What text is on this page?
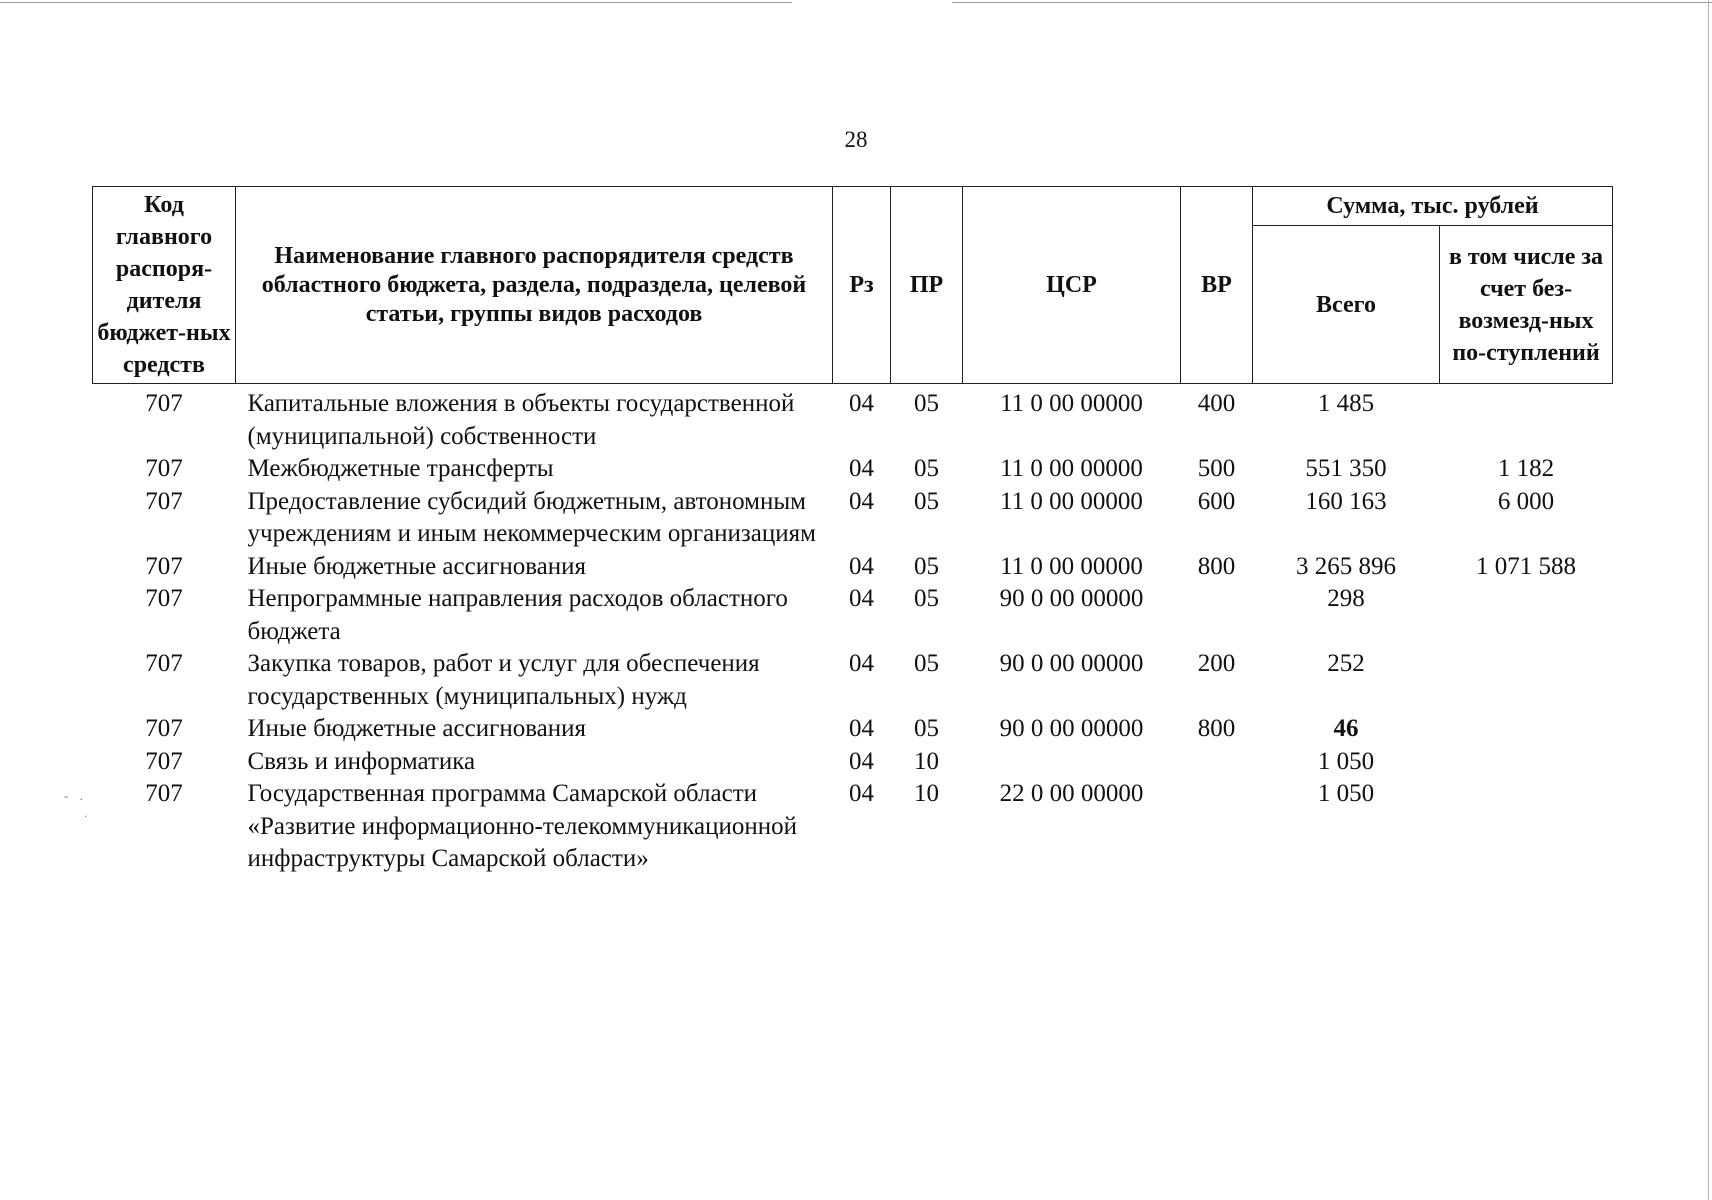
28
Код главного распоря-дителя бюджет-ных средств	Наименование главного распорядителя средств областного бюджета, раздела, подраздела, целевой статьи, группы видов расходов	Рз	ПР	ЦСР	ВР	Сумма, тыс. рублей	
						Всего	в том числе за счет без-возмезд-ных по-ступлений
707	Капитальные вложения в объекты государственной (муниципальной) собственности	04	05	11 0 00 00000	400	1 485	
707	Межбюджетные трансферты	04	05	11 0 00 00000	500	551 350	1 182
707	Предоставление субсидий бюджетным, автономным учреждениям и иным некоммерческим организациям	04	05	11 0 00 00000	600	160 163	6 000
707	Иные бюджетные ассигнования	04	05	11 0 00 00000	800	3 265 896	1 071 588
707	Непрограммные направления расходов областного бюджета	04	05	90 0 00 00000		298	
707	Закупка товаров, работ и услуг для обеспечения государственных (муниципальных) нужд	04	05	90 0 00 00000	200	252	
707	Иные бюджетные ассигнования	04	05	90 0 00 00000	800	46	
707	Связь и информатика	04	10			1 050	
707	Государственная программа Самарской области «Развитие информационно-телекоммуникационной инфраструктуры Самарской области»	04	10	22 0 00 00000		1 050	
- .
.
